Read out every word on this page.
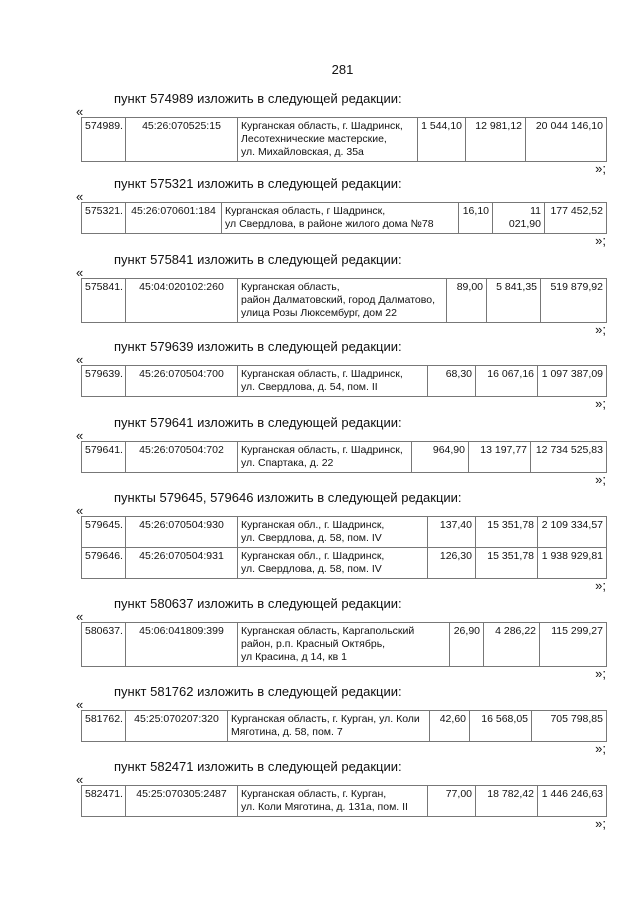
281
пункт 574989 изложить в следующей редакции:
«
574989.	45:26:070525:15	Курганская область, г. Шадринск,
Лесотехнические мастерские,
ул. Михайловская, д. 35а	1 544,10	12 981,12	20 044 146,10
»;
пункт 575321 изложить в следующей редакции:
«
575321.	45:26:070601:184	Курганская область, г Шадринск,
ул Свердлова, в районе жилого дома №78	16,10	11 021,90	177 452,52
»;
пункт 575841 изложить в следующей редакции:
«
575841.	45:04:020102:260	Курганская область,
район Далматовский, город Далматово,
улица Розы Люксембург, дом 22	89,00	5 841,35	519 879,92
»;
пункт 579639 изложить в следующей редакции:
«
579639.	45:26:070504:700	Курганская область, г. Шадринск,
ул. Свердлова, д. 54, пом. II	68,30	16 067,16	1 097 387,09
»;
пункт 579641 изложить в следующей редакции:
«
579641.	45:26:070504:702	Курганская область, г. Шадринск,
ул. Спартака, д. 22	964,90	13 197,77	12 734 525,83
»;
пункты 579645, 579646 изложить в следующей редакции:
«
579645.	45:26:070504:930	Курганская обл., г. Шадринск,
ул. Свердлова, д. 58, пом. IV	137,40	15 351,78	2 109 334,57
579646.	45:26:070504:931	Курганская обл., г. Шадринск,
ул. Свердлова, д. 58, пом. IV	126,30	15 351,78	1 938 929,81
»;
пункт 580637 изложить в следующей редакции:
«
580637.	45:06:041809:399	Курганская область, Каргапольский
район, р.п. Красный Октябрь,
ул Красина, д 14, кв 1	26,90	4 286,22	115 299,27
»;
пункт 581762 изложить в следующей редакции:
«
581762.	45:25:070207:320	Курганская область, г. Курган, ул. Коли
Мяготина, д. 58, пом. 7	42,60	16 568,05	705 798,85
»;
пункт 582471 изложить в следующей редакции:
«
582471.	45:25:070305:2487	Курганская область, г. Курган,
ул. Коли Мяготина, д. 131а, пом. II	77,00	18 782,42	1 446 246,63
»;
